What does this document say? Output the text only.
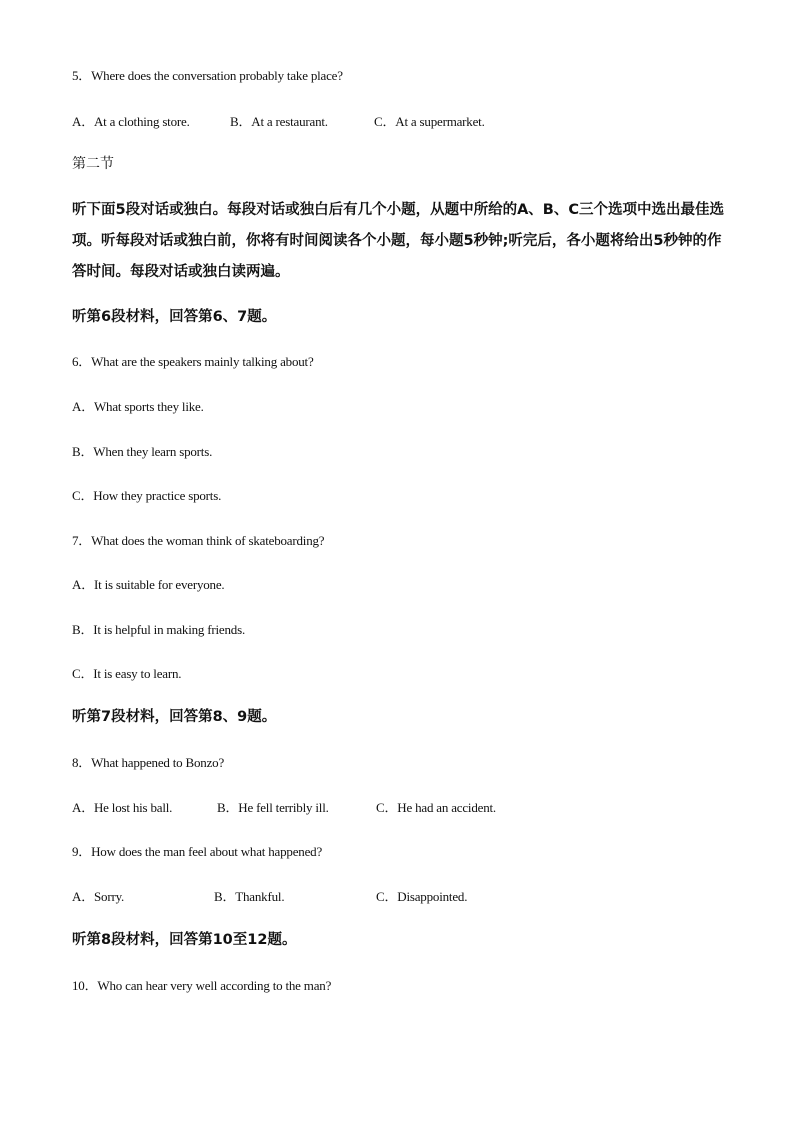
5．Where does the conversation probably take place?
A．At a clothing store.	B．At a restaurant.	C．At a supermarket.
第二节
听下面5段对话或独白。每段对话或独白后有几个小题，从题中所给的A、B、C三个选项中选出最佳选项。听每段对话或独白前，你将有时间阅读各个小题，每小题5秒钟;听完后，各小题将给出5秒钟的作答时间。每段对话或独白读两遍。
听第6段材料，回答第6、7题。
6．What are the speakers mainly talking about?
A．What sports they like.
B．When they learn sports.
C．How they practice sports.
7．What does the woman think of skateboarding?
A．It is suitable for everyone.
B．It is helpful in making friends.
C．It is easy to learn.
听第7段材料，回答第8、9题。
8．What happened to Bonzo?
A．He lost his ball.	B．He fell terribly ill.	C．He had an accident.
9．How does the man feel about what happened?
A．Sorry.	B．Thankful.	C．Disappointed.
听第8段材料，回答第10至12题。
10．Who can hear very well according to the man?
